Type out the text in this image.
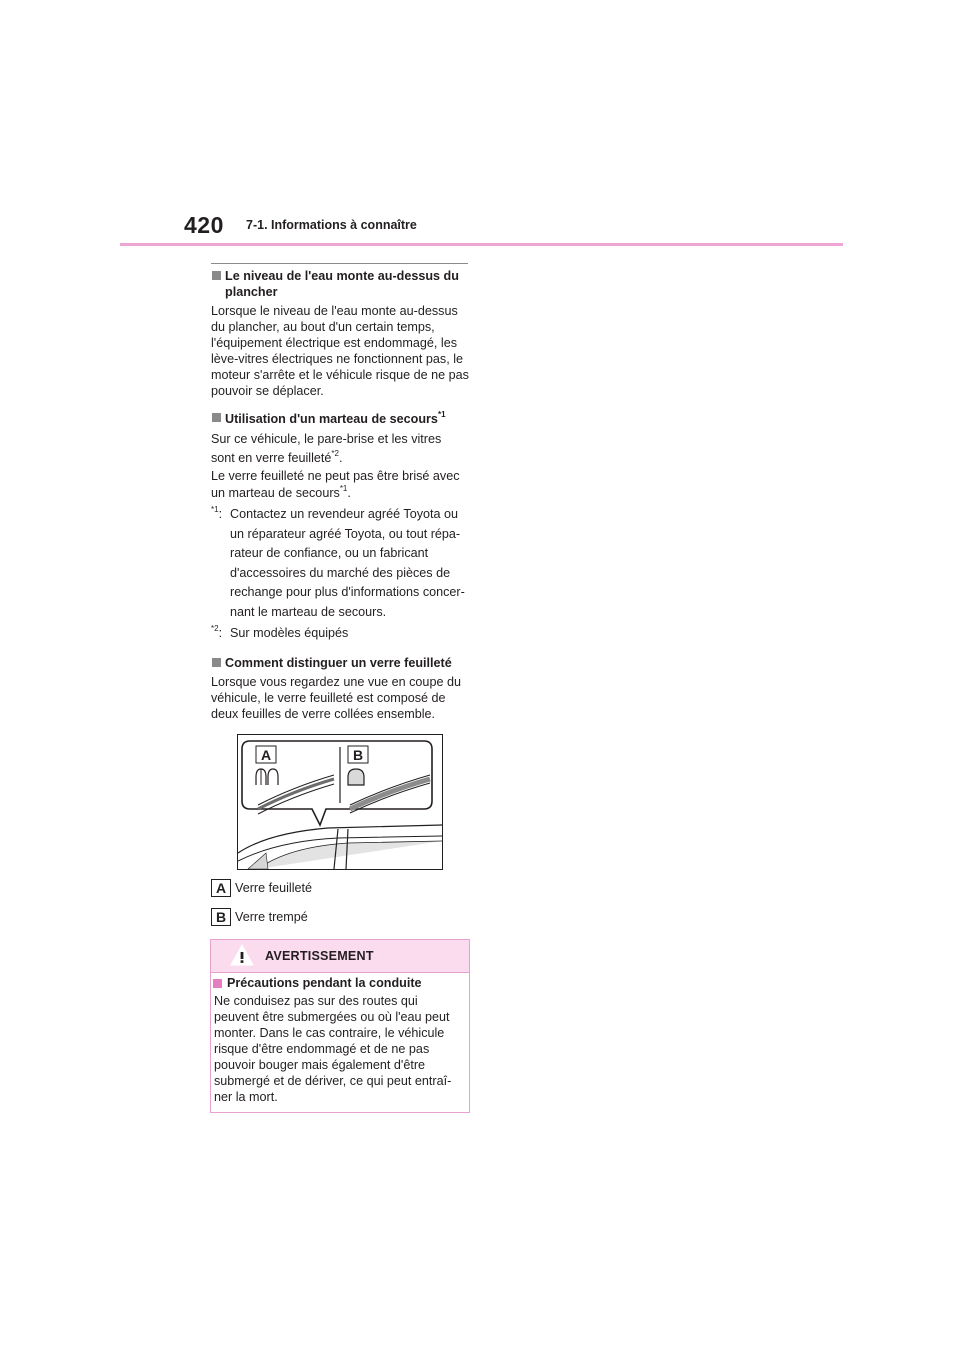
420 7-1. Informations à connaître
Le niveau de l'eau monte au-dessus du plancher

Lorsque le niveau de l'eau monte au-dessus du plancher, au bout d'un certain temps, l'équipement électrique est endommagé, les lève-vitres électriques ne fonctionnent pas, le moteur s'arrête et le véhicule risque de ne pas pouvoir se déplacer.

Utilisation d'un marteau de secours$^{*1}$
Sur ce véhicule, le pare-brise et les vitres
sont en verre feuilleté$^{*2}$.
Le verre feuilleté ne peut pas être brisé avec
un marteau de secours$^{*1}$.
$^{*1}$: Contactez un revendeur agréé Toyota ou
un réparateur agréé Toyota, ou tout répa-
rateur de confiance, ou un fabricant
d'accessoires du marché des pièces de
rechange pour plus d'informations concer-
nant le marteau de secours.
$^{*2}$: Sur modèles équipés
Comment distinguer un verre feuilleté

Lorsque vous regardez une vue en coupe du véhicule, le verre feuilleté est composé de deux feuilles de verre collées ensemble.

A	B
A Verre feuilleté
B Verre trempé
AVERTISSEMENT
Précautions pendant la conduite

Ne conduisez pas sur des routes qui peuvent être submergées ou où l'eau peut monter. Dans le cas contraire, le véhicule risque d'être endommagé et de ne pas pouvoir bouger mais également d'être submergé et de dériver, ce qui peut entraî-ner la mort.
